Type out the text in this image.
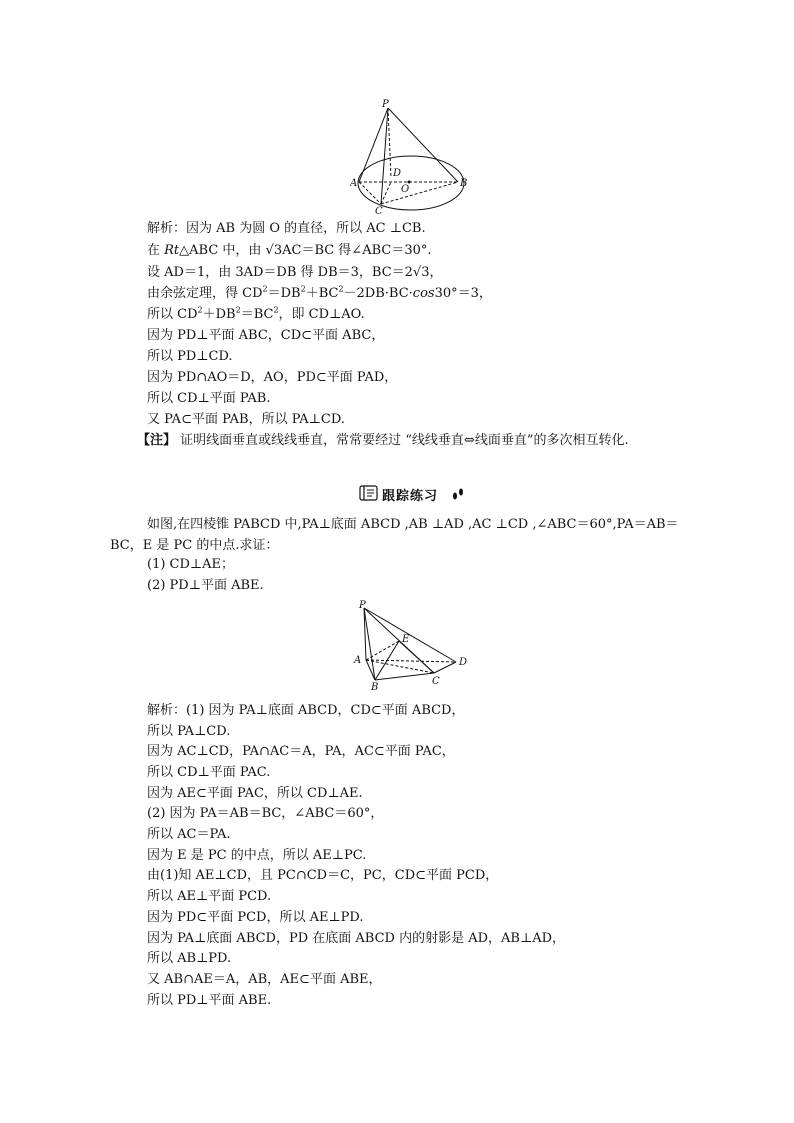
P
A	B
C
D
O
解析：因为 AB 为圆 O 的直径，所以 AC ⊥CB.
在 Rt△ABC 中，由 √3AC＝BC 得∠ABC＝30°.
设 AD＝1，由 3AD＝DB 得 DB＝3，BC＝2√3，
由余弦定理，得 $CD^2=DB^2+BC^2-2DB\cdot BC\cdot\cos 30^\circ=3$，
所以 $CD^2+DB^2=BC^2$，即 CD⊥AO.
因为 PD⊥平面 ABC，CD⊂平面 ABC，
所以 PD⊥CD.
因为 PD∩AO＝D，AO，PD⊂平面 PAD，
所以 CD⊥平面 PAB.
又 PA⊂平面 PAB，所以 PA⊥CD.
【注】 证明线面垂直或线线垂直，常常要经过 “线线垂直⇔线面垂直”的多次相互转化.
跟踪练习
如图,在四棱锥 PABCD 中,PA⊥底面 ABCD ,AB ⊥AD ,AC ⊥CD ,∠ABC＝60°,PA＝AB＝BC，E 是 PC 的中点.求证：
(1) CD⊥AE；
(2) PD⊥平面 ABE.
P
A
B
C
D
E
解析：(1) 因为 PA⊥底面 ABCD，CD⊂平面 ABCD，
所以 PA⊥CD.
因为 AC⊥CD，PA∩AC＝A，PA，AC⊂平面 PAC，
所以 CD⊥平面 PAC.
因为 AE⊂平面 PAC，所以 CD⊥AE.
(2) 因为 PA＝AB＝BC，∠ABC＝60°，
所以 AC＝PA.
因为 E 是 PC 的中点，所以 AE⊥PC.
由(1)知 AE⊥CD，且 PC∩CD＝C，PC，CD⊂平面 PCD，
所以 AE⊥平面 PCD.
因为 PD⊂平面 PCD，所以 AE⊥PD.
因为 PA⊥底面 ABCD，PD 在底面 ABCD 内的射影是 AD，AB⊥AD，
所以 AB⊥PD.
又 AB∩AE＝A，AB，AE⊂平面 ABE，
所以 PD⊥平面 ABE.
